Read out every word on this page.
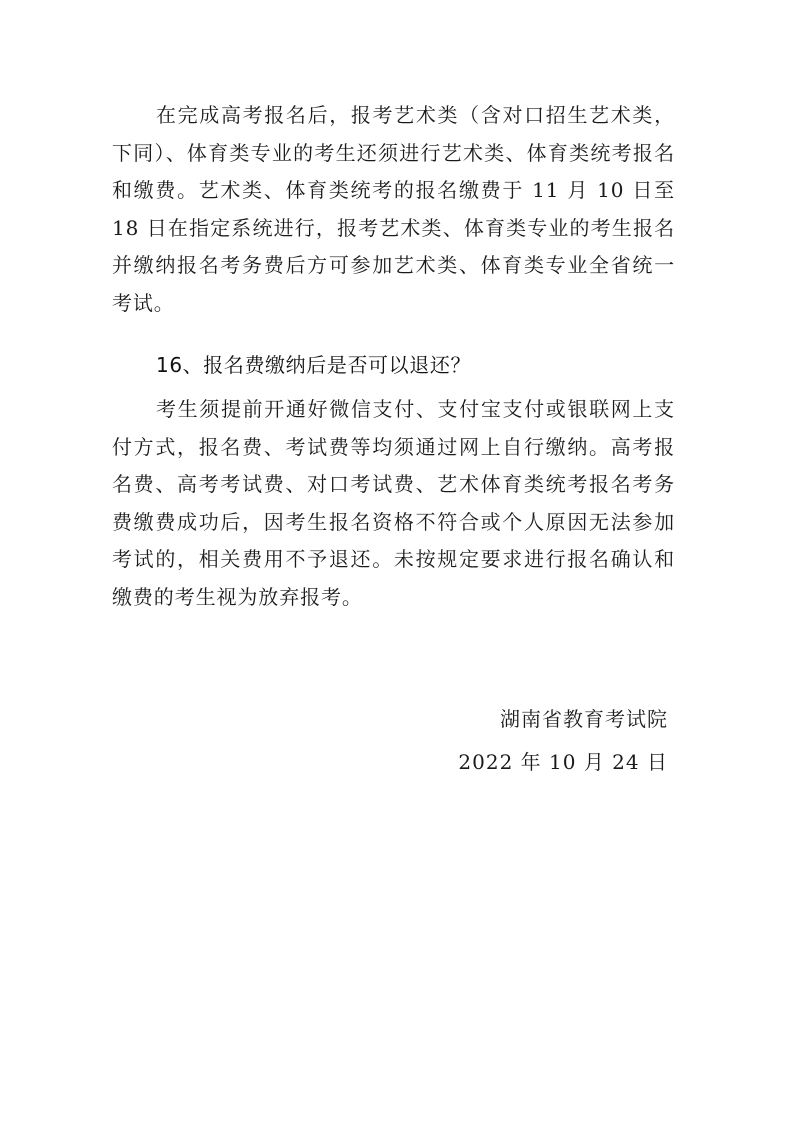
在完成高考报名后，报考艺术类（含对口招生艺术类，下同）、体育类专业的考生还须进行艺术类、体育类统考报名和缴费。艺术类、体育类统考的报名缴费于 11 月 10 日至 18 日在指定系统进行，报考艺术类、体育类专业的考生报名并缴纳报名考务费后方可参加艺术类、体育类专业全省统一考试。

16、报名费缴纳后是否可以退还？

考生须提前开通好微信支付、支付宝支付或银联网上支付方式，报名费、考试费等均须通过网上自行缴纳。高考报名费、高考考试费、对口考试费、艺术体育类统考报名考务费缴费成功后，因考生报名资格不符合或个人原因无法参加考试的，相关费用不予退还。未按规定要求进行报名确认和缴费的考生视为放弃报考。

湖南省教育考试院

2022 年 10 月 24 日
